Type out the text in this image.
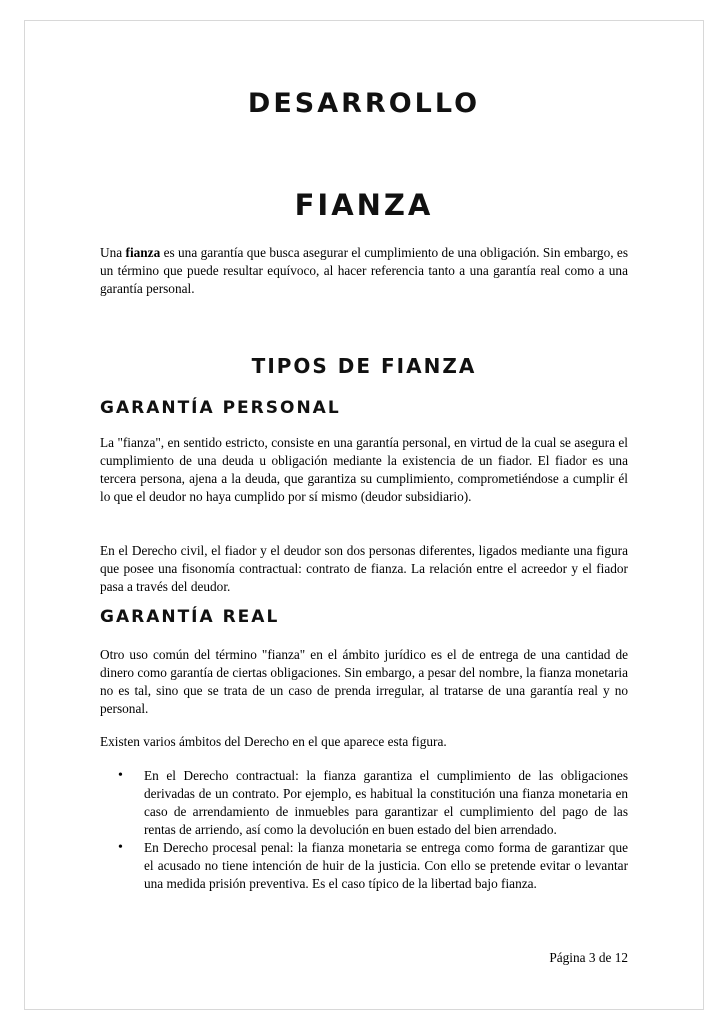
DESARROLLO
FIANZA

Una fianza es una garantía que busca asegurar el cumplimiento de una obligación. Sin embargo, es un término que puede resultar equívoco, al hacer referencia tanto a una garantía real como a una garantía personal.

TIPOS DE FIANZA
GARANTÍA PERSONAL

La "fianza", en sentido estricto, consiste en una garantía personal, en virtud de la cual se asegura el cumplimiento de una deuda u obligación mediante la existencia de un fiador. El fiador es una tercera persona, ajena a la deuda, que garantiza su cumplimiento, comprometiéndose a cumplir él lo que el deudor no haya cumplido por sí mismo (deudor subsidiario).

En el Derecho civil, el fiador y el deudor son dos personas diferentes, ligados mediante una figura que posee una fisonomía contractual: contrato de fianza. La relación entre el acreedor y el fiador pasa a través del deudor.

GARANTÍA REAL

Otro uso común del término "fianza" en el ámbito jurídico es el de entrega de una cantidad de dinero como garantía de ciertas obligaciones. Sin embargo, a pesar del nombre, la fianza monetaria no es tal, sino que se trata de un caso de prenda irregular, al tratarse de una garantía real y no personal.

Existen varios ámbitos del Derecho en el que aparece esta figura.

• En el Derecho contractual: la fianza garantiza el cumplimiento de las obligaciones derivadas de un contrato. Por ejemplo, es habitual la constitución una fianza monetaria en caso de arrendamiento de inmuebles para garantizar el cumplimiento del pago de las rentas de arriendo, así como la devolución en buen estado del bien arrendado.
• En Derecho procesal penal: la fianza monetaria se entrega como forma de garantizar que el acusado no tiene intención de huir de la justicia. Con ello se pretende evitar o levantar una medida prisión preventiva. Es el caso típico de la libertad bajo fianza.
Página 3 de 12
